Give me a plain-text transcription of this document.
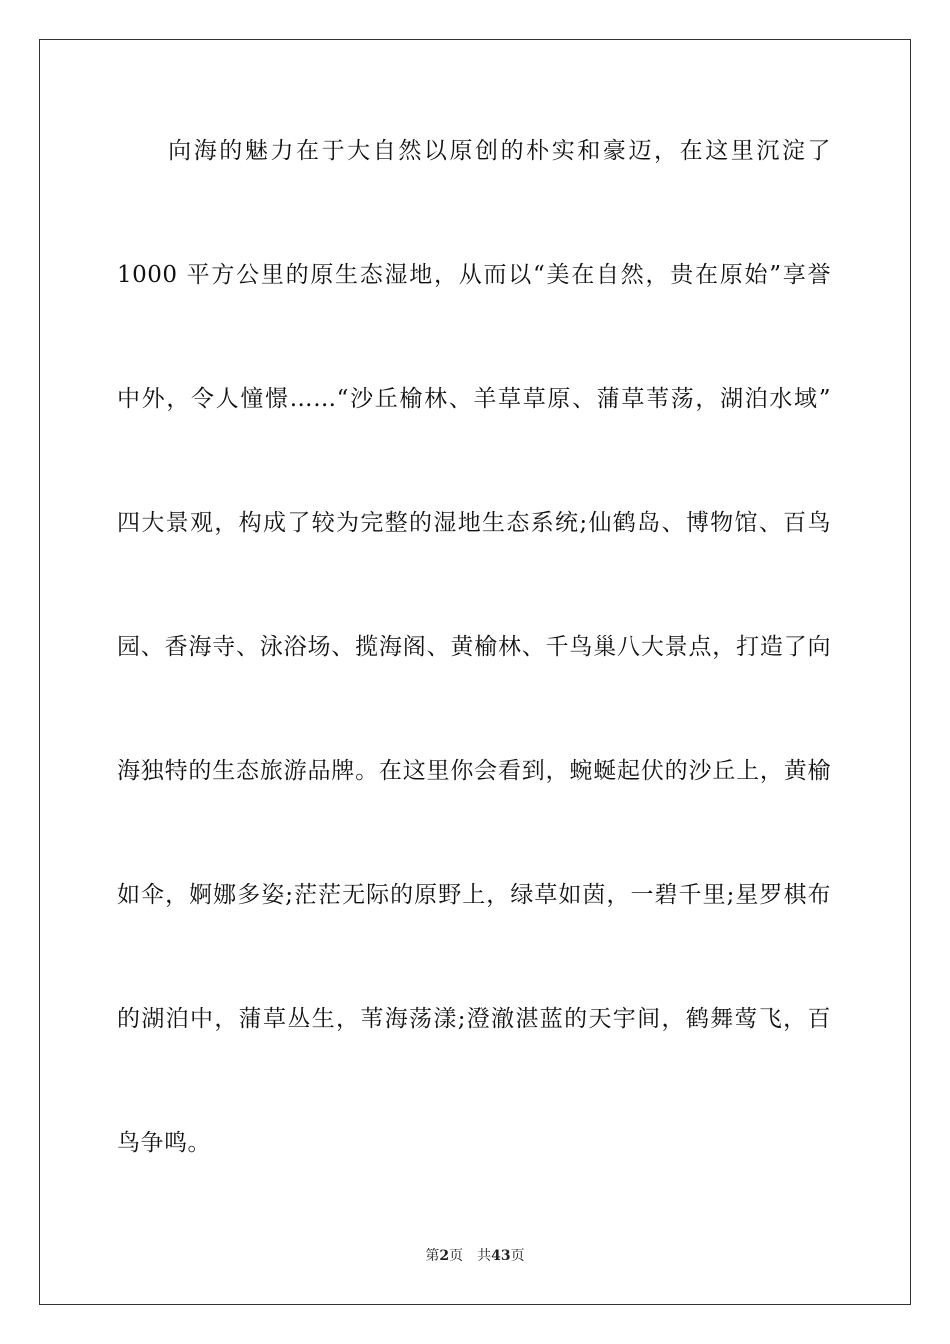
　　向海的魅力在于大自然以原创的朴实和豪迈，在这里沉淀了
1000 平方公里的原生态湿地，从而以“美在自然，贵在原始”享誉
中外，令人憧憬……“沙丘榆林、羊草草原、蒲草苇荡，湖泊水域”
四大景观，构成了较为完整的湿地生态系统;仙鹤岛、博物馆、百鸟
园、香海寺、泳浴场、揽海阁、黄榆林、千鸟巢八大景点，打造了向
海独特的生态旅游品牌。在这里你会看到，蜿蜒起伏的沙丘上，黄榆
如伞，婀娜多姿;茫茫无际的原野上，绿草如茵，一碧千里;星罗棋布
的湖泊中，蒲草丛生，苇海荡漾;澄澈湛蓝的天宇间，鹤舞莺飞，百
鸟争鸣。
第2页 共43页
